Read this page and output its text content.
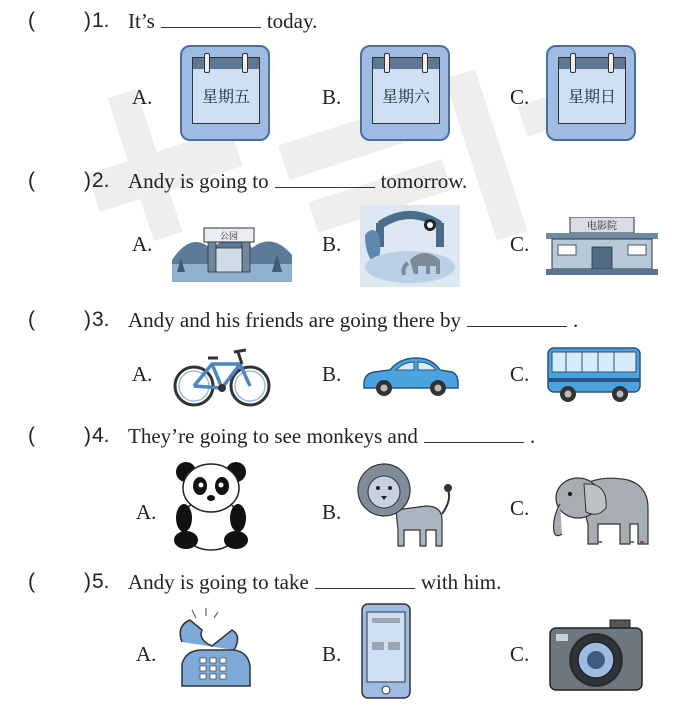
( ) 1. It’s	today.
A.	星期五	B.	星期六	C.	星期日
( ) 2. Andy is going to	tomorrow.
A.	公园	B.	C.
电影院
( ) 3. Andy and his friends are going there by	.
A.	B.	C.
( ) 4. They’re going to see monkeys and	.
A.	B.	C.
( ) 5. Andy is going to take	with him.
A.	B.	C.
